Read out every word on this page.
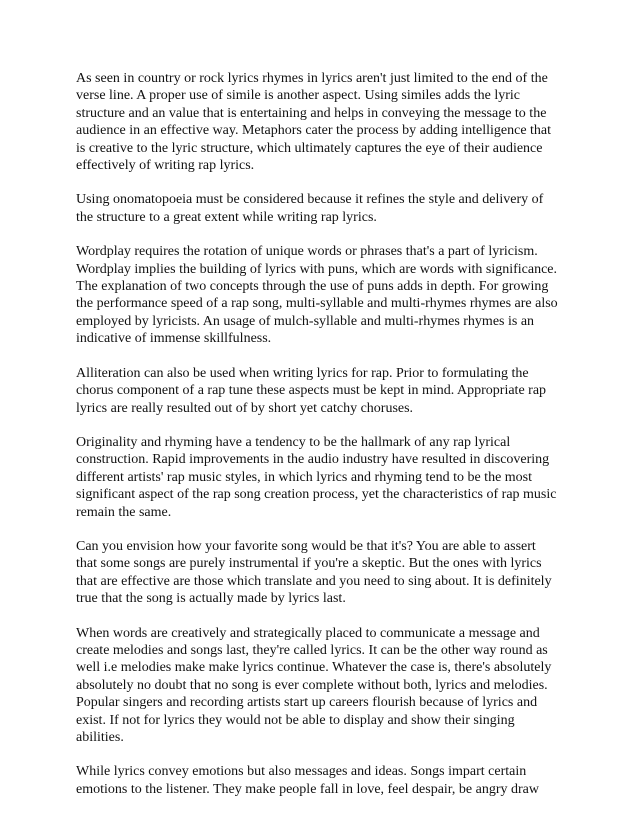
As seen in country or rock lyrics rhymes in lyrics aren't just limited to the end of the
verse line. A proper use of simile is another aspect. Using similes adds the lyric
structure and an value that is entertaining and helps in conveying the message to the
audience in an effective way. Metaphors cater the process by adding intelligence that
is creative to the lyric structure, which ultimately captures the eye of their audience
effectively of writing rap lyrics.

Using onomatopoeia must be considered because it refines the style and delivery of
the structure to a great extent while writing rap lyrics.

Wordplay requires the rotation of unique words or phrases that's a part of lyricism.
Wordplay implies the building of lyrics with puns, which are words with significance.
The explanation of two concepts through the use of puns adds in depth. For growing
the performance speed of a rap song, multi-syllable and multi-rhymes rhymes are also
employed by lyricists. An usage of mulch-syllable and multi-rhymes rhymes is an
indicative of immense skillfulness.

Alliteration can also be used when writing lyrics for rap. Prior to formulating the
chorus component of a rap tune these aspects must be kept in mind. Appropriate rap
lyrics are really resulted out of by short yet catchy choruses.

Originality and rhyming have a tendency to be the hallmark of any rap lyrical
construction. Rapid improvements in the audio industry have resulted in discovering
different artists' rap music styles, in which lyrics and rhyming tend to be the most
significant aspect of the rap song creation process, yet the characteristics of rap music
remain the same.

Can you envision how your favorite song would be that it's? You are able to assert
that some songs are purely instrumental if you're a skeptic. But the ones with lyrics
that are effective are those which translate and you need to sing about. It is definitely
true that the song is actually made by lyrics last.

When words are creatively and strategically placed to communicate a message and
create melodies and songs last, they're called lyrics. It can be the other way round as
well i.e melodies make make lyrics continue. Whatever the case is, there's absolutely
absolutely no doubt that no song is ever complete without both, lyrics and melodies.
Popular singers and recording artists start up careers flourish because of lyrics and
exist. If not for lyrics they would not be able to display and show their singing
abilities.

While lyrics convey emotions but also messages and ideas. Songs impart certain
emotions to the listener. They make people fall in love, feel despair, be angry draw
